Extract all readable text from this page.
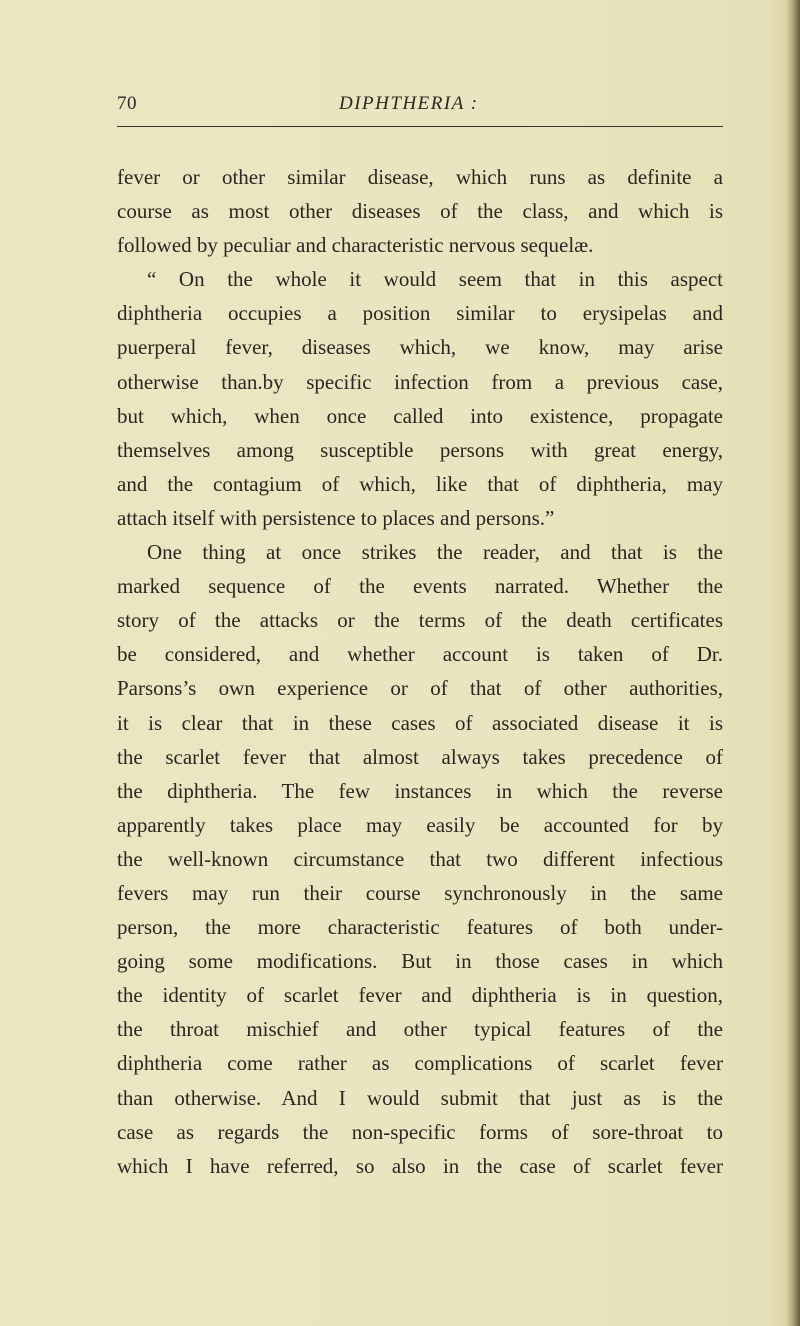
70	DIPHTHERIA :
fever or other similar disease, which runs as definite a
course as most other diseases of the class, and which is
followed by peculiar and characteristic nervous sequelæ.
“ On the whole it would seem that in this aspect
diphtheria occupies a position similar to erysipelas and
puerperal fever, diseases which, we know, may arise
otherwise than.by specific infection from a previous case,
but which, when once called into existence, propagate
themselves among susceptible persons with great energy,
and the contagium of which, like that of diphtheria, may
attach itself with persistence to places and persons.”
One thing at once strikes the reader, and that is the
marked sequence of the events narrated. Whether the
story of the attacks or the terms of the death certificates
be considered, and whether account is taken of Dr.
Parsons’s own experience or of that of other authorities,
it is clear that in these cases of associated disease it is
the scarlet fever that almost always takes precedence of
the diphtheria. The few instances in which the reverse
apparently takes place may easily be accounted for by
the well-known circumstance that two different infectious
fevers may run their course synchronously in the same
person, the more characteristic features of both under-
going some modifications. But in those cases in which
the identity of scarlet fever and diphtheria is in question,
the throat mischief and other typical features of the
diphtheria come rather as complications of scarlet fever
than otherwise. And I would submit that just as is the
case as regards the non-specific forms of sore-throat to
which I have referred, so also in the case of scarlet fever
